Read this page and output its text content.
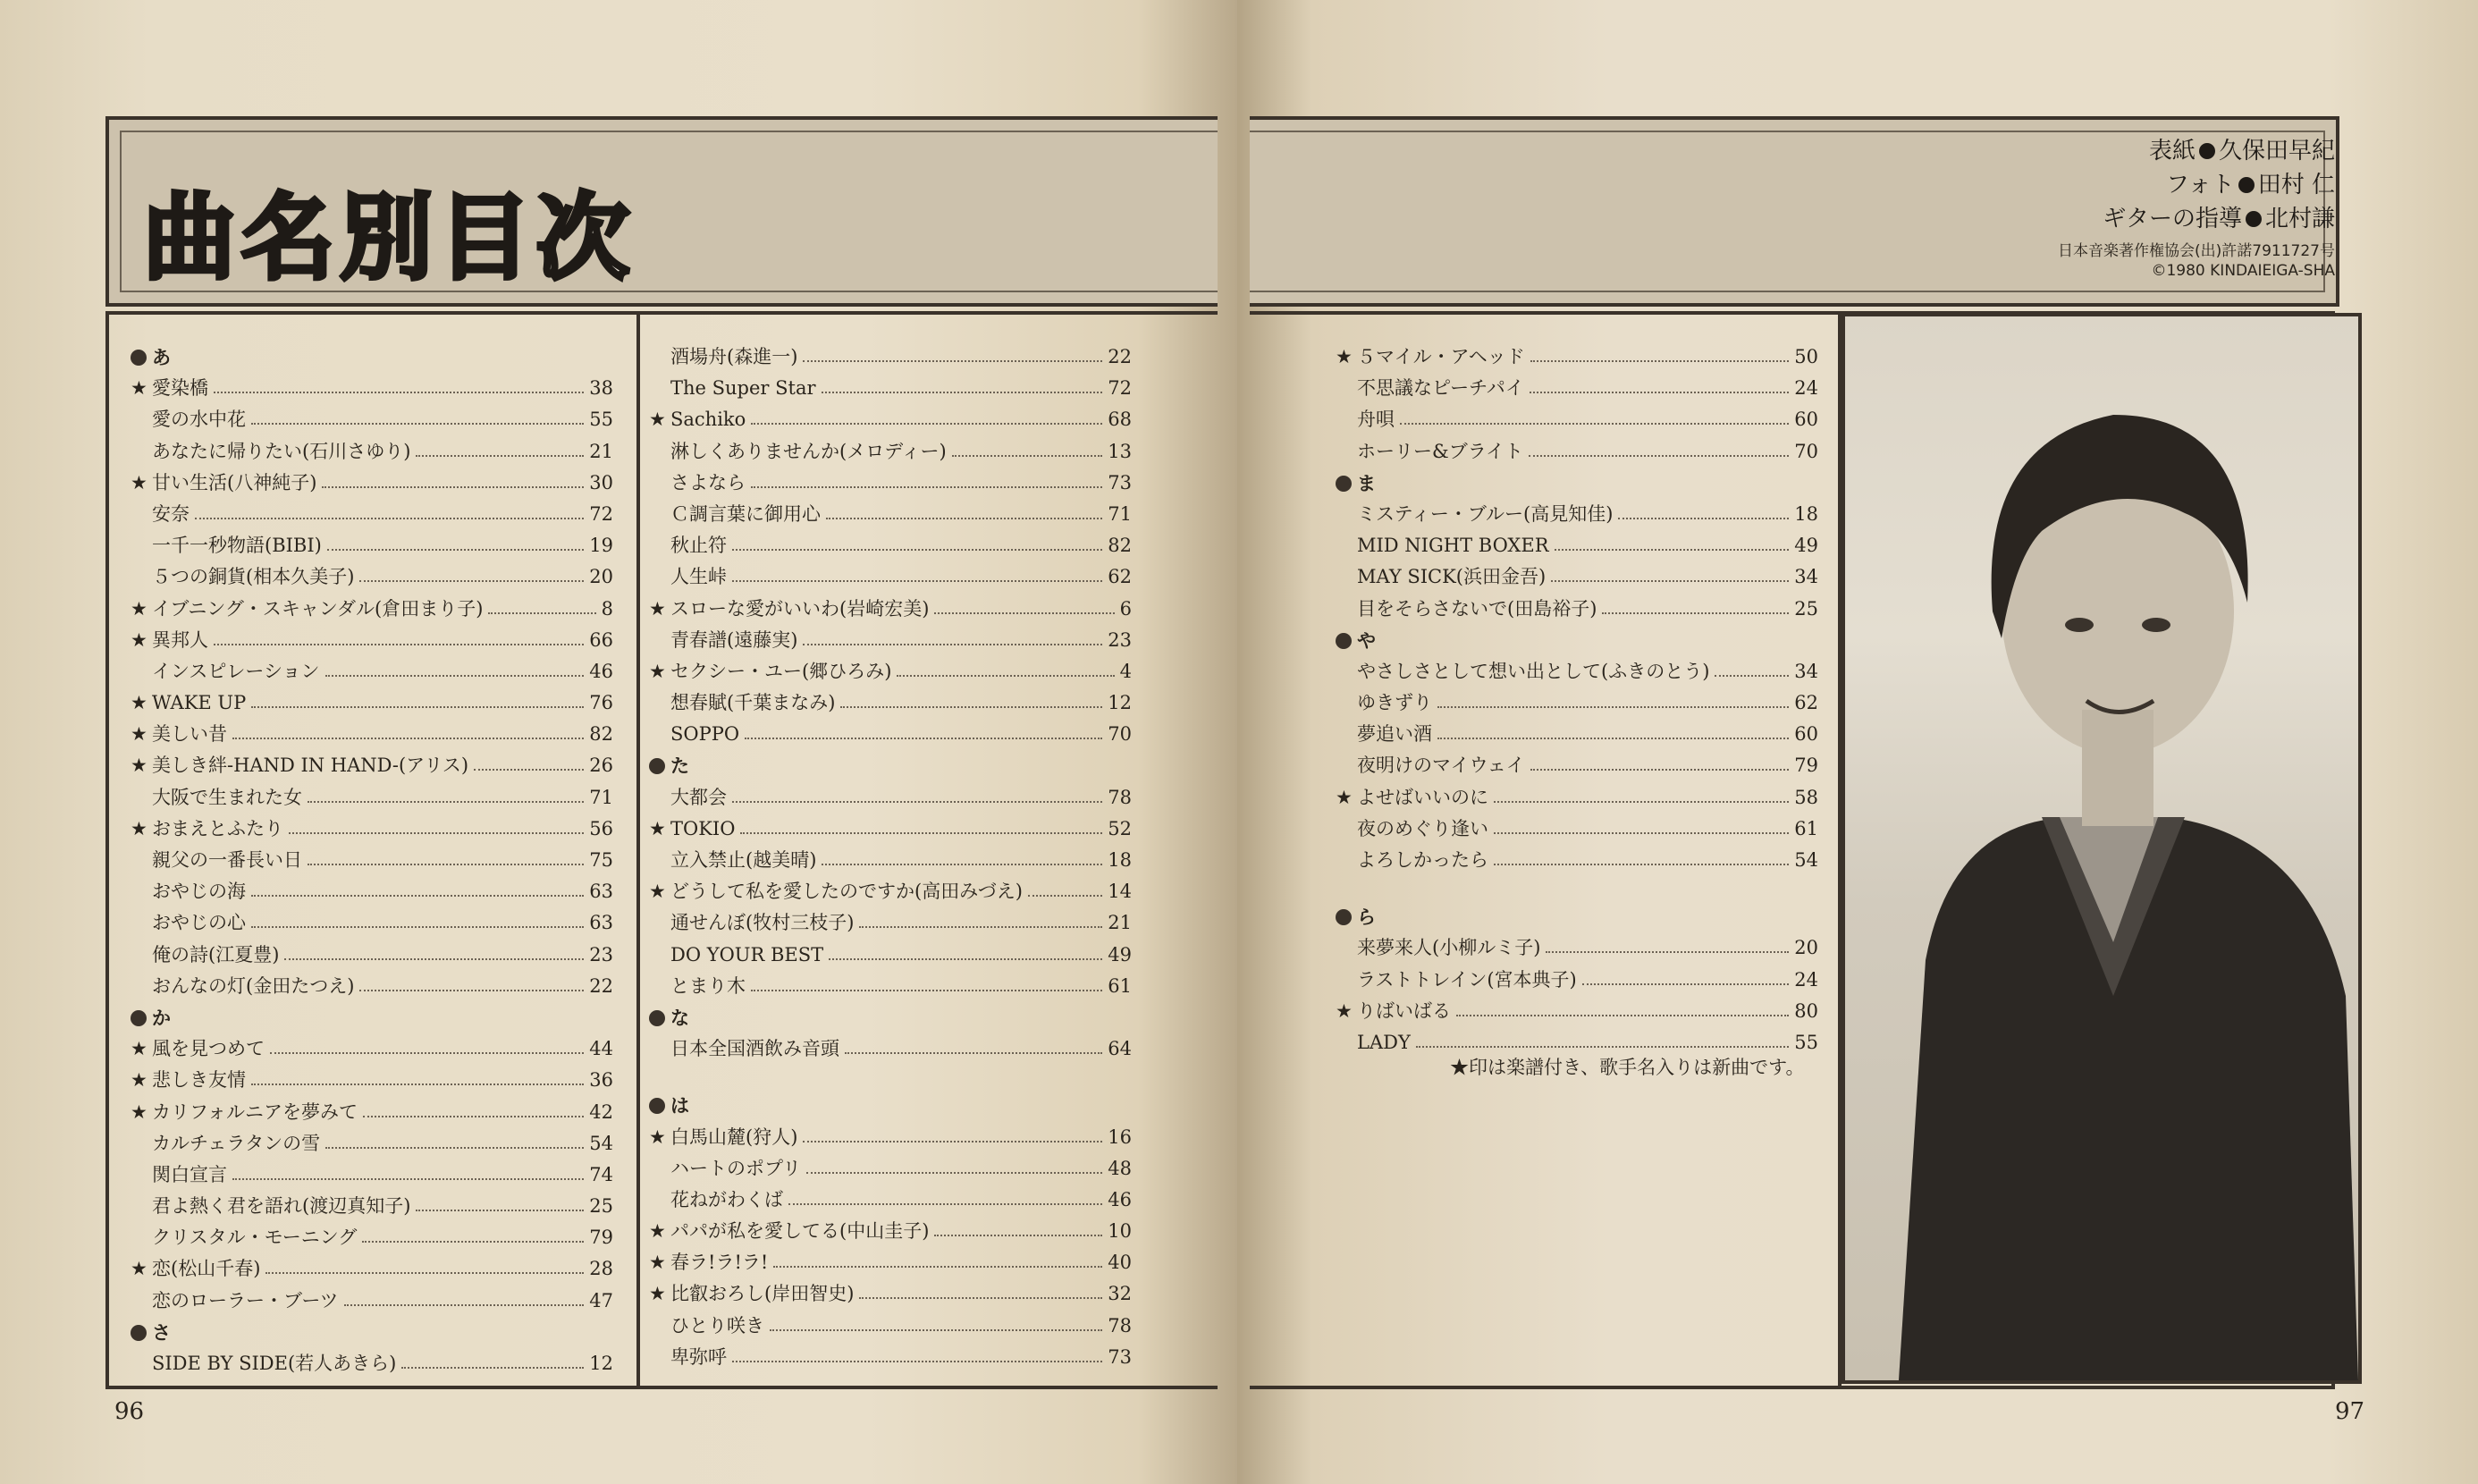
曲名別目次
表紙 久保田早紀
フォト 田村 仁
ギターの指導 北村謙
日本音楽著作権協会(出)許諾7911727号
©1980 KINDAIEIGA-SHA
あ
★ 愛染橋	38
愛の水中花	55
あなたに帰りたい(石川さゆり)	21
★ 甘い生活(八神純子)	30
安奈	72
一千一秒物語(BIBI)	19
５つの銅貨(相本久美子)	20
★ イブニング・スキャンダル(倉田まり子)	8
★ 異邦人	66
インスピレーション	46
★ WAKE UP	76
★ 美しい昔	82
★ 美しき絆-HAND IN HAND-(アリス)	26
大阪で生まれた女	71
★ おまえとふたり	56
親父の一番長い日	75
おやじの海	63
おやじの心	63
俺の詩(江夏豊)	23
おんなの灯(金田たつえ)	22
か
★ 風を見つめて	44
★ 悲しき友情	36
★ カリフォルニアを夢みて	42
カルチェラタンの雪	54
関白宣言	74
君よ熱く君を語れ(渡辺真知子)	25
クリスタル・モーニング	79
★ 恋(松山千春)	28
恋のローラー・ブーツ	47
さ
SIDE BY SIDE(若人あきら)	12
酒場舟(森進一)	22
The Super Star	72
★ Sachiko	68
淋しくありませんか(メロディー)	13
さよなら	73
Ｃ調言葉に御用心	71
秋止符	82
人生峠	62
★ スローな愛がいいわ(岩崎宏美)	6
青春譜(遠藤実)	23
★ セクシー・ユー(郷ひろみ)	4
想春賦(千葉まなみ)	12
SOPPO	70
た
大都会	78
★ TOKIO	52
立入禁止(越美晴)	18
★ どうして私を愛したのですか(高田みづえ)	14
通せんぼ(牧村三枝子)	21
DO YOUR BEST	49
とまり木	61
な
日本全国酒飲み音頭	64
は
★ 白馬山麓(狩人)	16
ハートのポプリ	48
花ねがわくば	46
★ パパが私を愛してる(中山圭子)	10
★ 春ラ!ラ!ラ!	40
★ 比叡おろし(岸田智史)	32
ひとり咲き	78
卑弥呼	73
★ ５マイル・アヘッド	50
不思議なピーチパイ	24
舟唄	60
ホーリー&ブライト	70
ま
ミスティー・ブルー(高見知佳)	18
MID NIGHT BOXER	49
MAY SICK(浜田金吾)	34
目をそらさないで(田島裕子)	25
や
やさしさとして想い出として(ふきのとう)	34
ゆきずり	62
夢追い酒	60
夜明けのマイウェイ	79
★ よせばいいのに	58
夜のめぐり逢い	61
よろしかったら	54
ら
来夢来人(小柳ルミ子)	20
ラストトレイン(宮本典子)	24
★ りばいばる	80
LADY	55
★印は楽譜付き、歌手名入りは新曲です。
96	97
